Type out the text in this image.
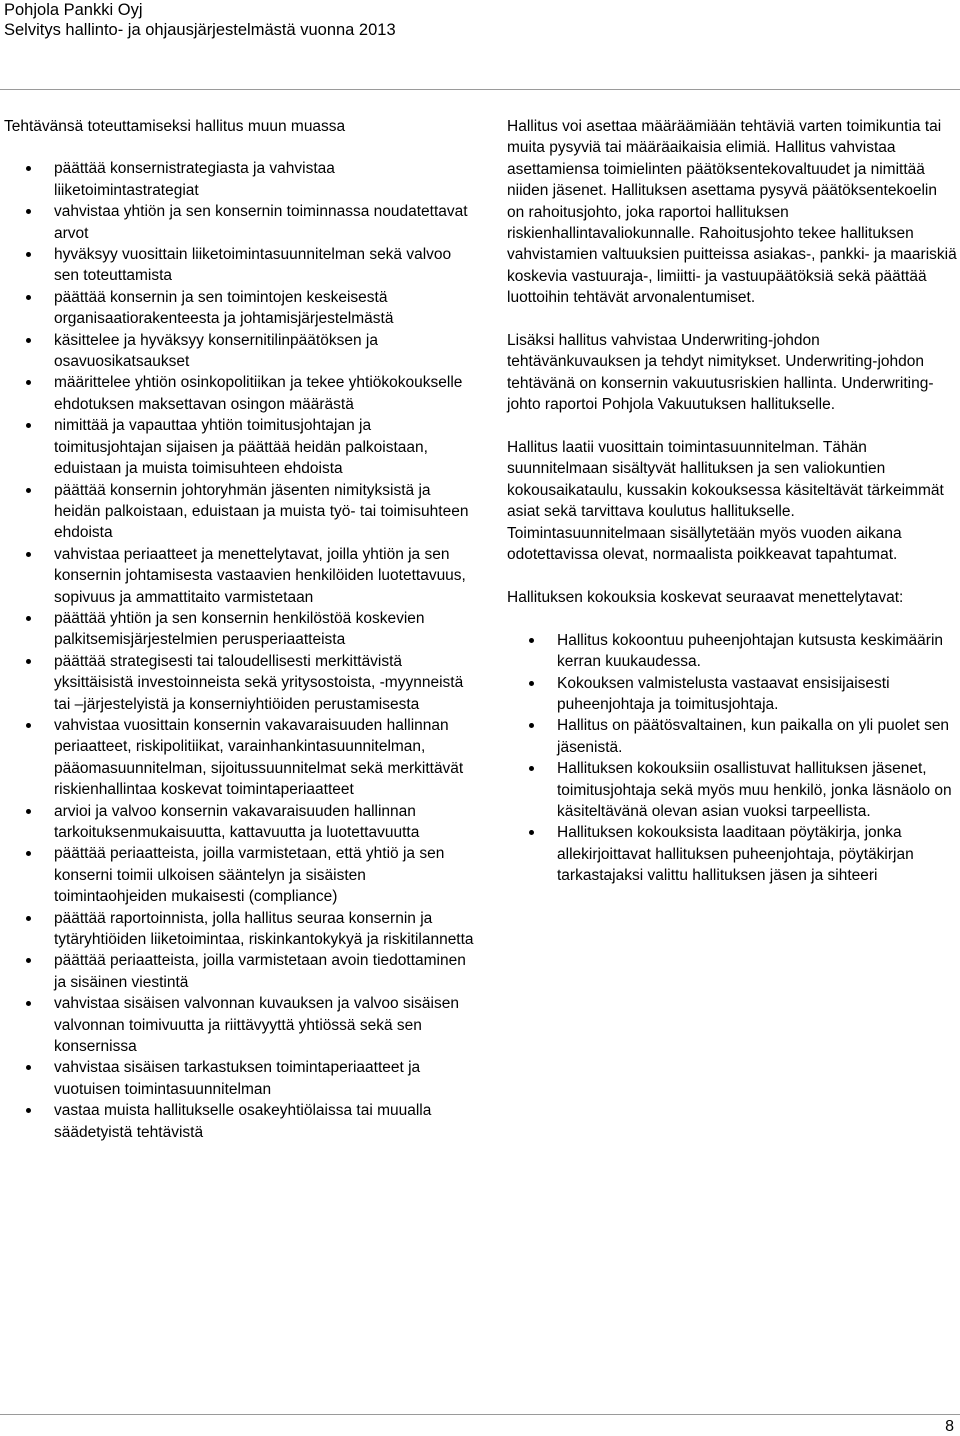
Pohjola Pankki Oyj
Selvitys hallinto- ja ohjausjärjestelmästä vuonna 2013

Tehtävänsä toteuttamiseksi hallitus muun muassa

päättää konsernistrategiasta ja vahvistaa liiketoimintastrategiat
vahvistaa yhtiön ja sen konsernin toiminnassa noudatettavat arvot
hyväksyy vuosittain liiketoimintasuunnitelman sekä valvoo sen toteuttamista
päättää konsernin ja sen toimintojen keskeisestä organisaatiorakenteesta ja johtamisjärjestelmästä
käsittelee ja hyväksyy konsernitilinpäätöksen ja osavuosikatsaukset
määrittelee yhtiön osinkopolitiikan ja tekee yhtiökokoukselle ehdotuksen maksettavan osingon määrästä
nimittää ja vapauttaa yhtiön toimitusjohtajan ja toimitusjohtajan sijaisen ja päättää heidän palkoistaan, eduistaan ja muista toimisuhteen ehdoista
päättää konsernin johtoryhmän jäsenten nimityksistä ja heidän palkoistaan, eduistaan ja muista työ- tai toimisuhteen ehdoista
vahvistaa periaatteet ja menettelytavat, joilla yhtiön ja sen konsernin johtamisesta vastaavien henkilöiden luotettavuus, sopivuus ja ammattitaito varmistetaan
päättää yhtiön ja sen konsernin henkilöstöä koskevien palkitsemisjärjestelmien perusperiaatteista
päättää strategisesti tai taloudellisesti merkittävistä yksittäisistä investoinneista sekä yritysostoista, -myynneistä tai –järjestelyistä ja konserniyhtiöiden perustamisesta
vahvistaa vuosittain konsernin vakavaraisuuden hallinnan periaatteet, riskipolitiikat, varainhankintasuunnitelman, pääomasuunnitelman, sijoitussuunnitelmat sekä merkittävät riskienhallintaa koskevat toimintaperiaatteet
arvioi ja valvoo konsernin vakavaraisuuden hallinnan tarkoituksenmukaisuutta, kattavuutta ja luotettavuutta
päättää periaatteista, joilla varmistetaan, että yhtiö ja sen konserni toimii ulkoisen sääntelyn ja sisäisten toimintaohjeiden mukaisesti (compliance)
päättää raportoinnista, jolla hallitus seuraa konsernin ja tytäryhtiöiden liiketoimintaa, riskinkantokykyä ja riskitilannetta
päättää periaatteista, joilla varmistetaan avoin tiedottaminen ja sisäinen viestintä
vahvistaa sisäisen valvonnan kuvauksen ja valvoo sisäisen valvonnan toimivuutta ja riittävyyttä yhtiössä sekä sen konsernissa
vahvistaa sisäisen tarkastuksen toimintaperiaatteet ja vuotuisen toimintasuunnitelman
vastaa muista hallitukselle osakeyhtiölaissa tai muualla säädetyistä tehtävistä

Hallitus voi asettaa määräämiään tehtäviä varten toimikuntia tai muita pysyviä tai määräaikaisia elimiä. Hallitus vahvistaa asettamiensa toimielinten päätöksentekovaltuudet ja nimittää niiden jäsenet. Hallituksen asettama pysyvä päätöksentekoelin on rahoitusjohto, joka raportoi hallituksen riskienhallintavaliokunnalle. Rahoitusjohto tekee hallituksen vahvistamien valtuuksien puitteissa asiakas-, pankki- ja maariskiä koskevia vastuuraja-, limiitti- ja vastuupäätöksiä sekä päättää luottoihin tehtävät arvonalentumiset.

Lisäksi hallitus vahvistaa Underwriting-johdon tehtävänkuvauksen ja tehdyt nimitykset. Underwriting-johdon tehtävänä on konsernin vakuutusriskien hallinta. Underwriting-johto raportoi Pohjola Vakuutuksen hallitukselle.

Hallitus laatii vuosittain toimintasuunnitelman. Tähän suunnitelmaan sisältyvät hallituksen ja sen valiokuntien kokousaikataulu, kussakin kokouksessa käsiteltävät tärkeimmät asiat sekä tarvittava koulutus hallitukselle. Toimintasuunnitelmaan sisällytetään myös vuoden aikana odotettavissa olevat, normaalista poikkeavat tapahtumat.

Hallituksen kokouksia koskevat seuraavat menettelytavat:

Hallitus kokoontuu puheenjohtajan kutsusta keskimäärin kerran kuukaudessa.
Kokouksen valmistelusta vastaavat ensisijaisesti puheenjohtaja ja toimitusjohtaja.
Hallitus on päätösvaltainen, kun paikalla on yli puolet sen jäsenistä.
Hallituksen kokouksiin osallistuvat hallituksen jäsenet, toimitusjohtaja sekä myös muu henkilö, jonka läsnäolo on käsiteltävänä olevan asian vuoksi tarpeellista.
Hallituksen kokouksista laaditaan pöytäkirja, jonka allekirjoittavat hallituksen puheenjohtaja, pöytäkirjan tarkastajaksi valittu hallituksen jäsen ja sihteeri
8
